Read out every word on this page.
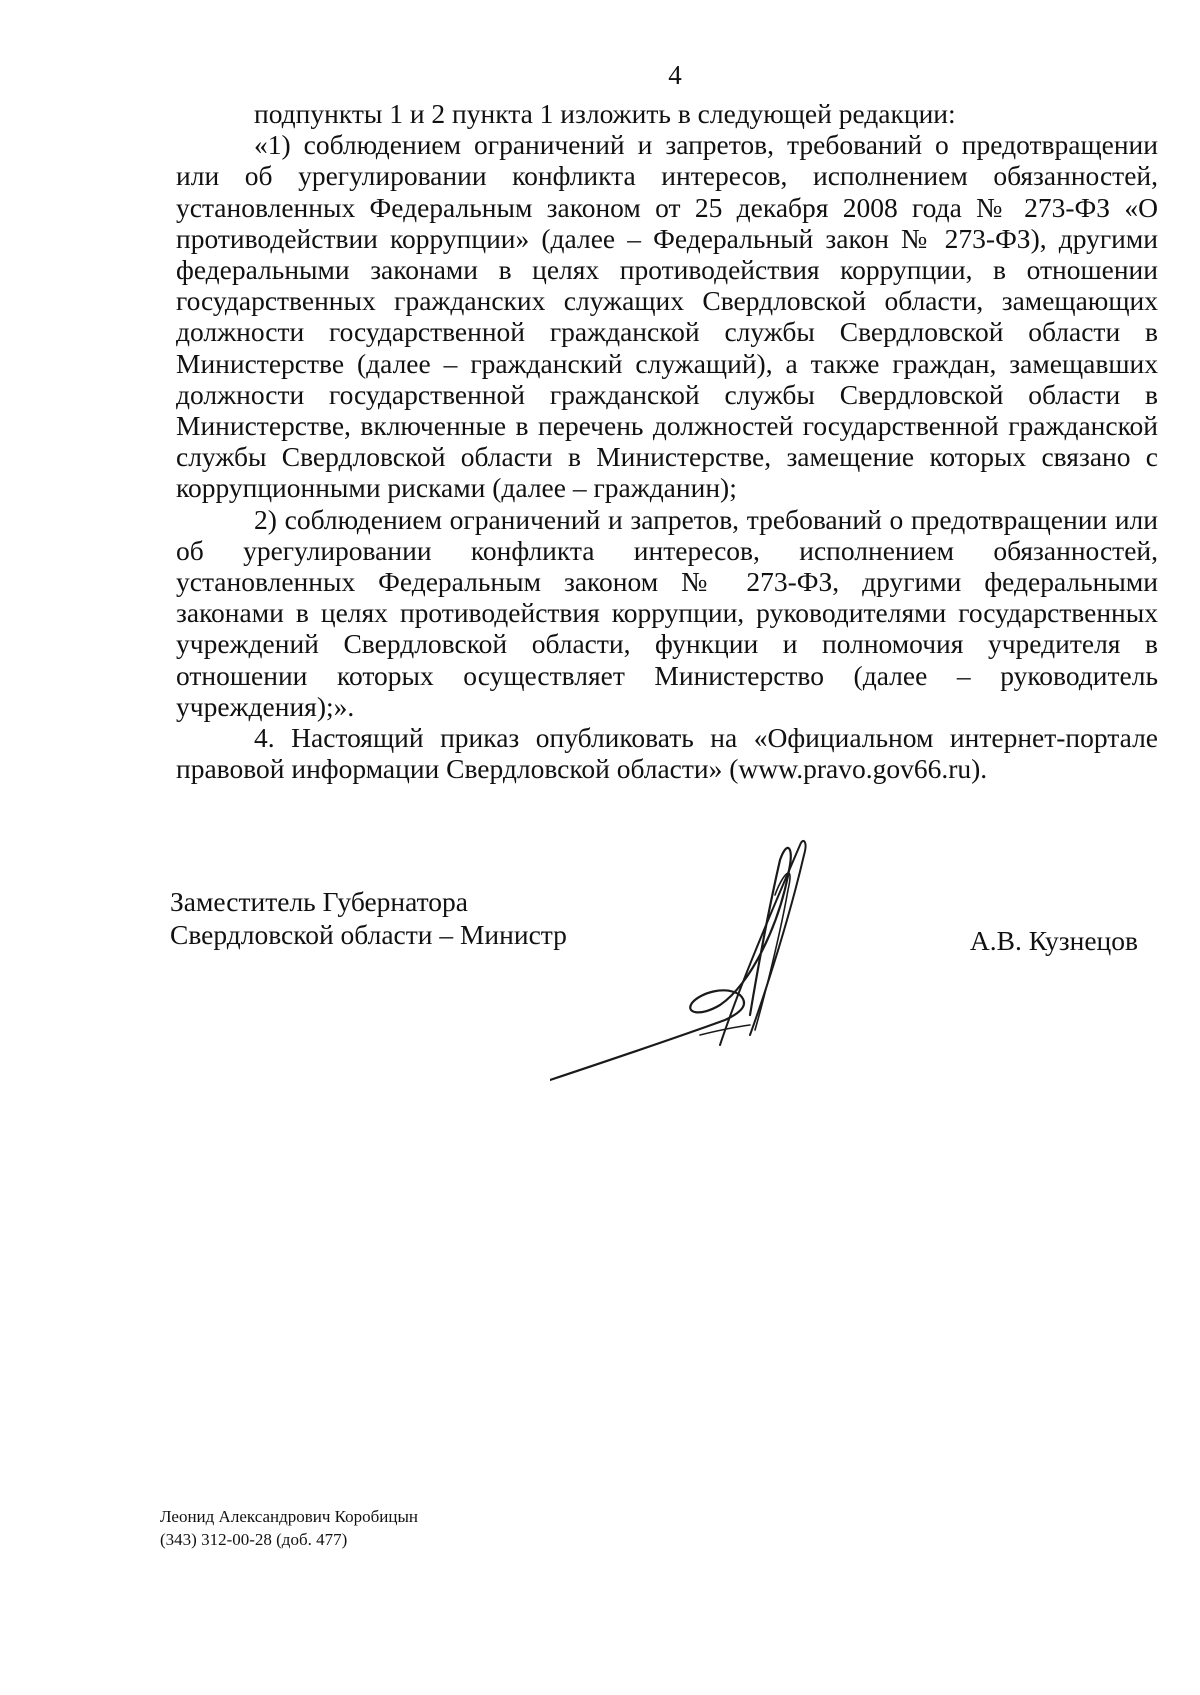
4

подпункты 1 и 2 пункта 1 изложить в следующей редакции:

«1) соблюдением ограничений и запретов, требований о предотвращении или об урегулировании конфликта интересов, исполнением обязанностей, установленных Федеральным законом от 25 декабря 2008 года № 273-ФЗ «О противодействии коррупции» (далее – Федеральный закон № 273-ФЗ), другими федеральными законами в целях противодействия коррупции, в отношении государственных гражданских служащих Свердловской области, замещающих должности государственной гражданской службы Свердловской области в Министерстве (далее – гражданский служащий), а также граждан, замещавших должности государственной гражданской службы Свердловской области в Министерстве, включенные в перечень должностей государственной гражданской службы Свердловской области в Министерстве, замещение которых связано с коррупционными рисками (далее – гражданин);

2) соблюдением ограничений и запретов, требований о предотвращении или об урегулировании конфликта интересов, исполнением обязанностей, установленных Федеральным законом № 273-ФЗ, другими федеральными законами в целях противодействия коррупции, руководителями государственных учреждений Свердловской области, функции и полномочия учредителя в отношении которых осуществляет Министерство (далее – руководитель учреждения);».

4. Настоящий приказ опубликовать на «Официальном интернет-портале правовой информации Свердловской области» (www.pravo.gov66.ru).

Заместитель Губернатора
Свердловской области – Министр	А.В. Кузнецов
Леонид Александрович Коробицын
(343) 312-00-28 (доб. 477)
